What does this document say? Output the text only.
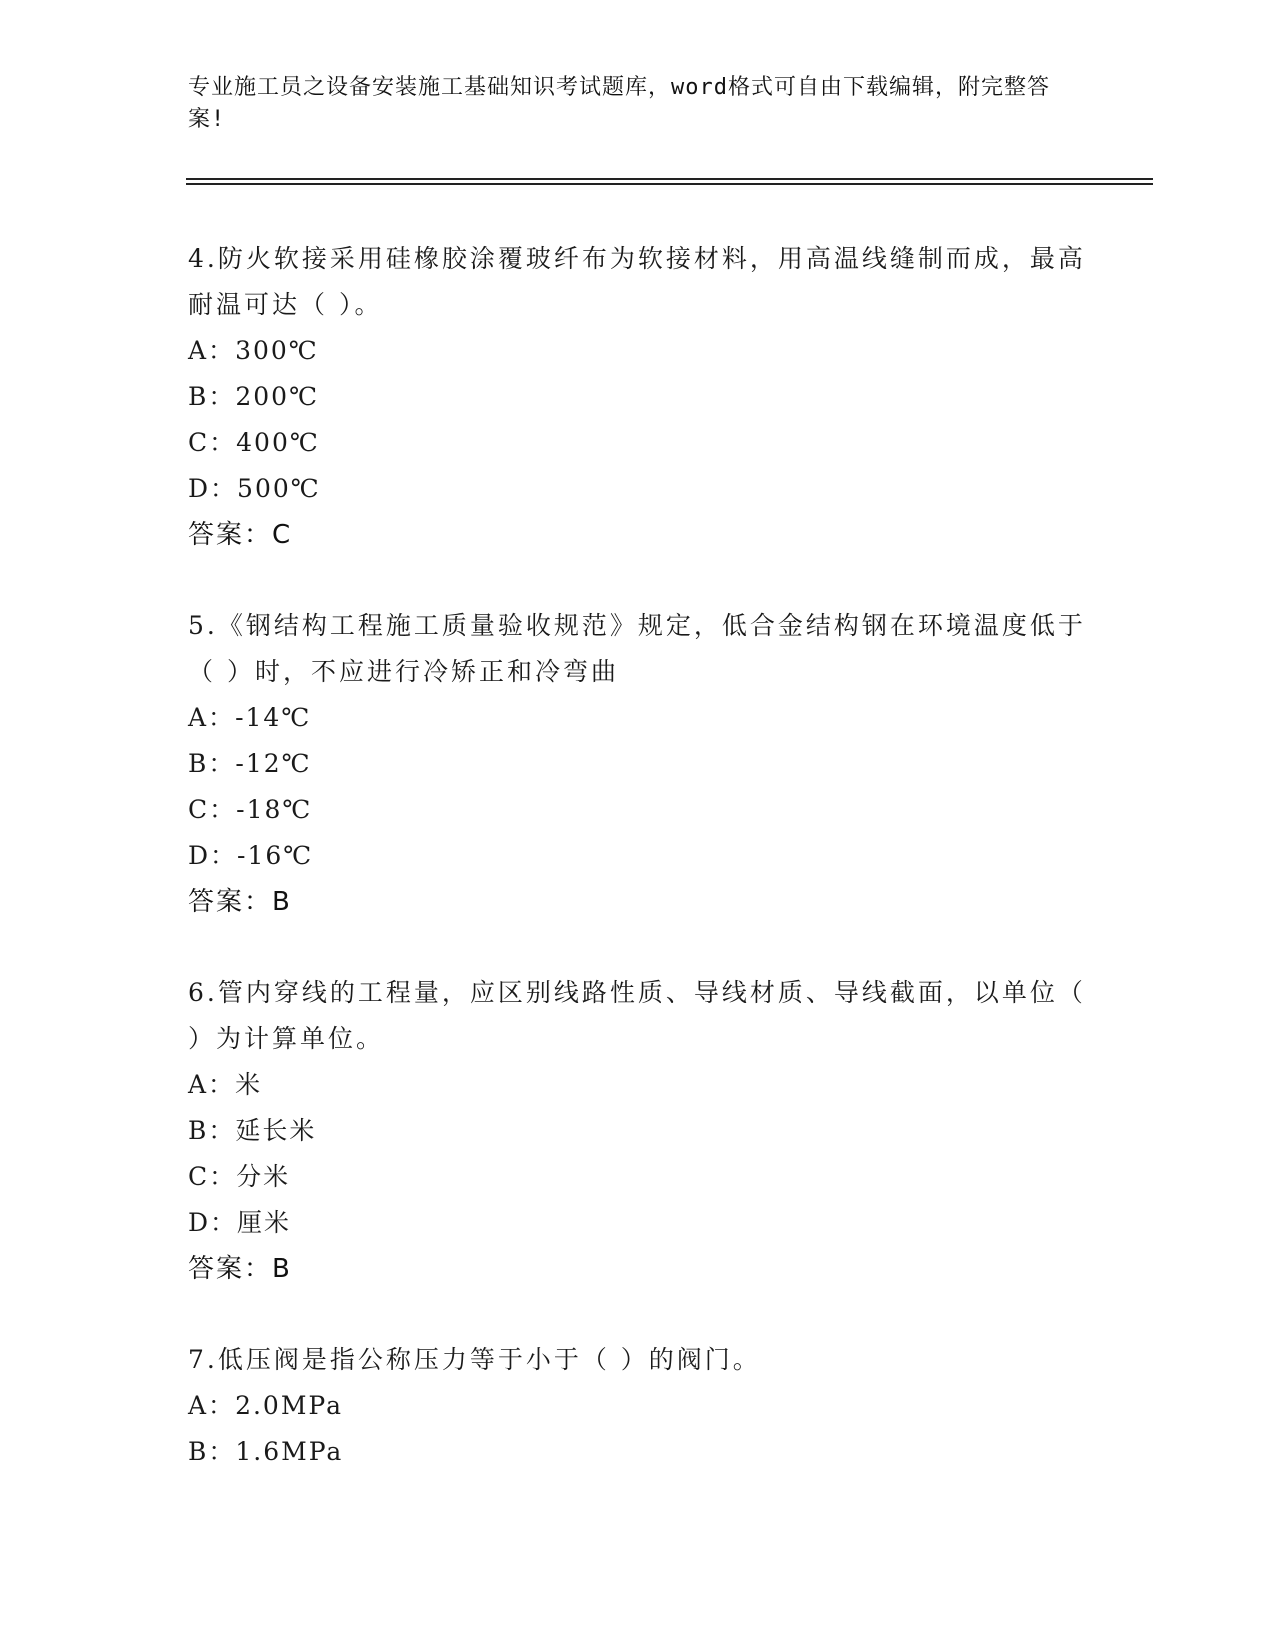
专业施工员之设备安装施工基础知识考试题库，word格式可自由下载编辑，附完整答案!

4.防火软接采用硅橡胶涂覆玻纤布为软接材料，用高温线缝制而成，最高耐温可达（ ）。

A： 300℃
B： 200℃
C： 400℃
D： 500℃
答案： C

5.《钢结构工程施工质量验收规范》规定，低合金结构钢在环境温度低于（ ）时，不应进行冷矫正和冷弯曲

A： -14℃
B： -12℃
C： -18℃
D： -16℃
答案： B

6.管内穿线的工程量，应区别线路性质、导线材质、导线截面，以单位（ ）为计算单位。

A： 米
B： 延长米
C： 分米
D： 厘米
答案： B

7.低压阀是指公称压力等于小于（ ）的阀门。

A： 2.0MPa
B： 1.6MPa
